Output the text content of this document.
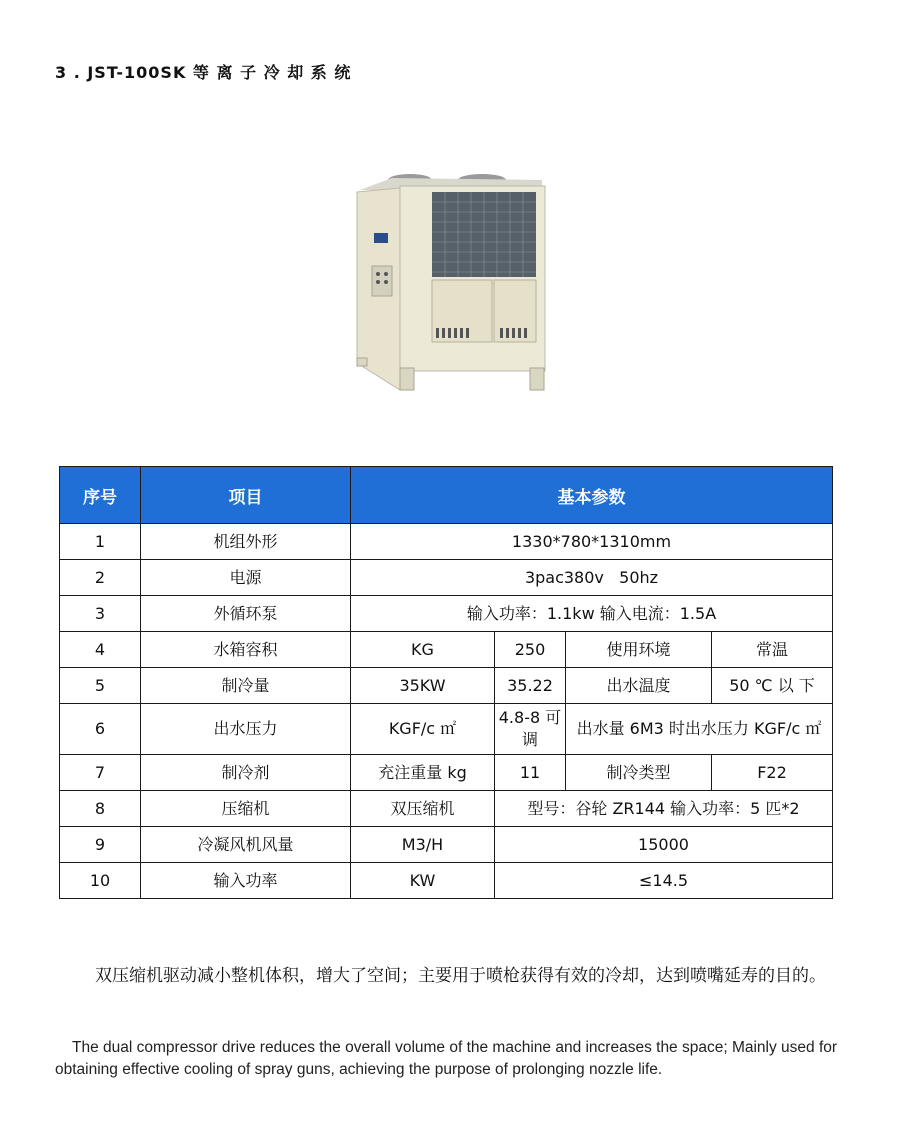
3 . JST-100SK 等 离 子 冷 却 系 统
序号	项目	基本参数			
1	机组外形	1330*780*1310mm			
2	电源	3pac380v   50hz			
3	外循环泵	输入功率：1.1kw 输入电流：1.5A			
4	水箱容积	KG	250	使用环境	常温
5	制冷量	35KW	35.22	出水温度	50 ℃ 以 下
6	出水压力	KGF/c ㎡	4.8-8 可调	出水量 6M3 时出水压力 KGF/c ㎡	
7	制冷剂	充注重量 kg	11	制冷类型	F22
8	压缩机	双压缩机	型号：谷轮 ZR144 输入功率：5 匹*2		
9	冷凝风机风量	M3/H	15000		
10	输入功率	KW	≤14.5		
双压缩机驱动减小整机体积，增大了空间；主要用于喷枪获得有效的冷却，达到喷嘴延寿的目的。
The dual compressor drive reduces the overall volume of the machine and increases the space; Mainly used for obtaining effective cooling of spray guns, achieving the purpose of prolonging nozzle life.
